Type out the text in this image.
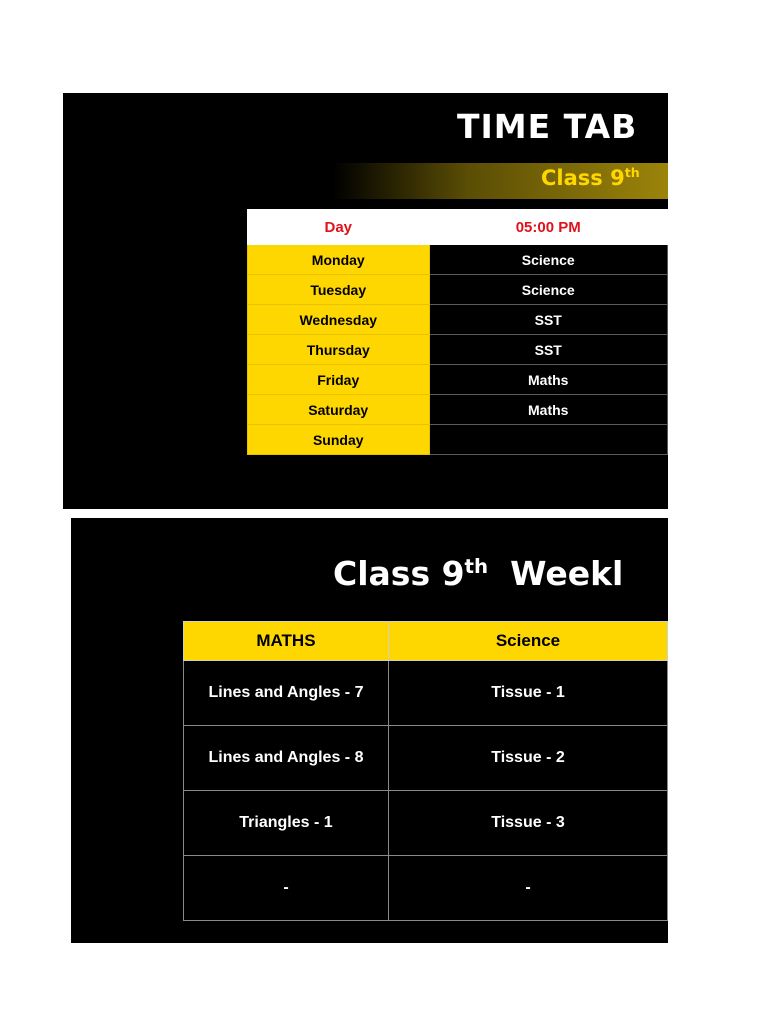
TIME TAB
Class 9th
Day	05:00 PM
Monday	Science
Tuesday	Science
Wednesday	SST
Thursday	SST
Friday	Maths
Saturday	Maths
Sunday	
Class 9th Weekl
MATHS	Science
Lines and Angles - 7	Tissue - 1
Lines and Angles - 8	Tissue - 2
Triangles - 1	Tissue - 3
-	-
